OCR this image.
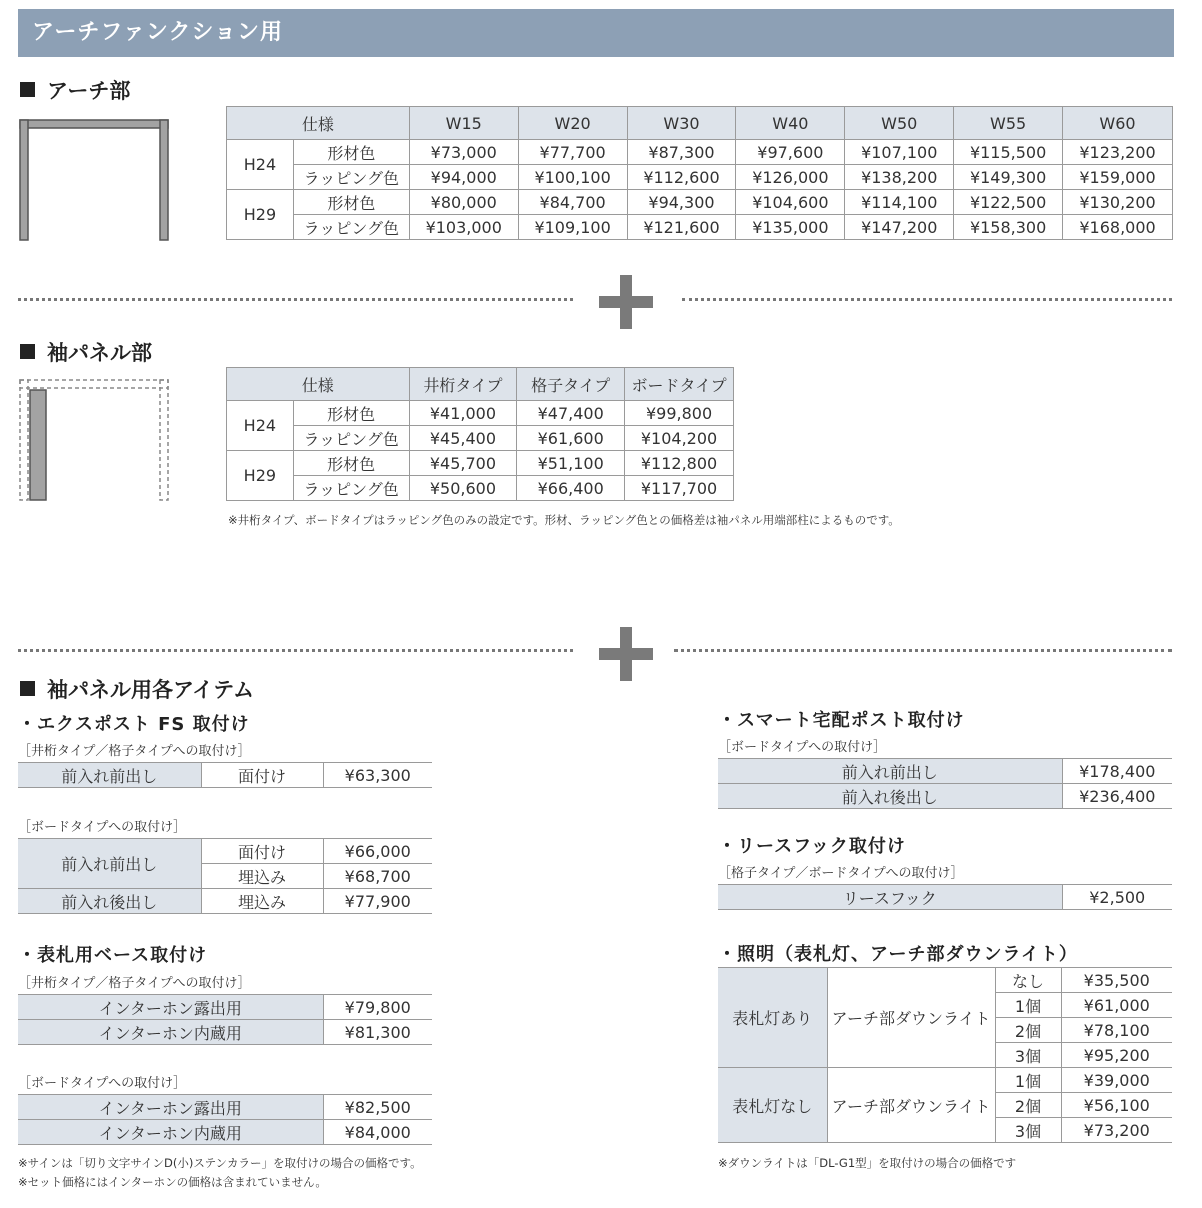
アーチファンクション用
アーチ部
仕様		W15	W20	W30	W40	W50	W55	W60
H24	形材色	¥73,000	¥77,700	¥87,300	¥97,600	¥107,100	¥115,500	¥123,200
	ラッピング色	¥94,000	¥100,100	¥112,600	¥126,000	¥138,200	¥149,300	¥159,000
H29	形材色	¥80,000	¥84,700	¥94,300	¥104,600	¥114,100	¥122,500	¥130,200
	ラッピング色	¥103,000	¥109,100	¥121,600	¥135,000	¥147,200	¥158,300	¥168,000
袖パネル部
仕様		井桁タイプ	格子タイプ	ボードタイプ
H24	形材色	¥41,000	¥47,400	¥99,800
	ラッピング色	¥45,400	¥61,600	¥104,200
H29	形材色	¥45,700	¥51,100	¥112,800
	ラッピング色	¥50,600	¥66,400	¥117,700
※井桁タイプ、ボードタイプはラッピング色のみの設定です。形材、ラッピング色との価格差は袖パネル用端部柱によるものです。
袖パネル用各アイテム
・エクスポスト FS 取付け
［井桁タイプ／格子タイプへの取付け］
前入れ前出し	面付け	¥63,300
［ボードタイプへの取付け］
前入れ前出し	面付け	¥66,000
	埋込み	¥68,700
前入れ後出し	埋込み	¥77,900
・表札用ベース取付け
［井桁タイプ／格子タイプへの取付け］
インターホン露出用	¥79,800
インターホン内蔵用	¥81,300
［ボードタイプへの取付け］
インターホン露出用	¥82,500
インターホン内蔵用	¥84,000
※サインは「切り文字サインD(小)ステンカラー」を取付けの場合の価格です。
※セット価格にはインターホンの価格は含まれていません。
・スマート宅配ポスト取付け
［ボードタイプへの取付け］
前入れ前出し	¥178,400
前入れ後出し	¥236,400
・リースフック取付け
［格子タイプ／ボードタイプへの取付け］
リースフック	¥2,500
・照明（表札灯、アーチ部ダウンライト）
表札灯あり	アーチ部ダウンライト	なし	¥35,500
		1個	¥61,000
		2個	¥78,100
		3個	¥95,200
表札灯なし	アーチ部ダウンライト	1個	¥39,000
		2個	¥56,100
		3個	¥73,200
※ダウンライトは「DL-G1型」を取付けの場合の価格です
